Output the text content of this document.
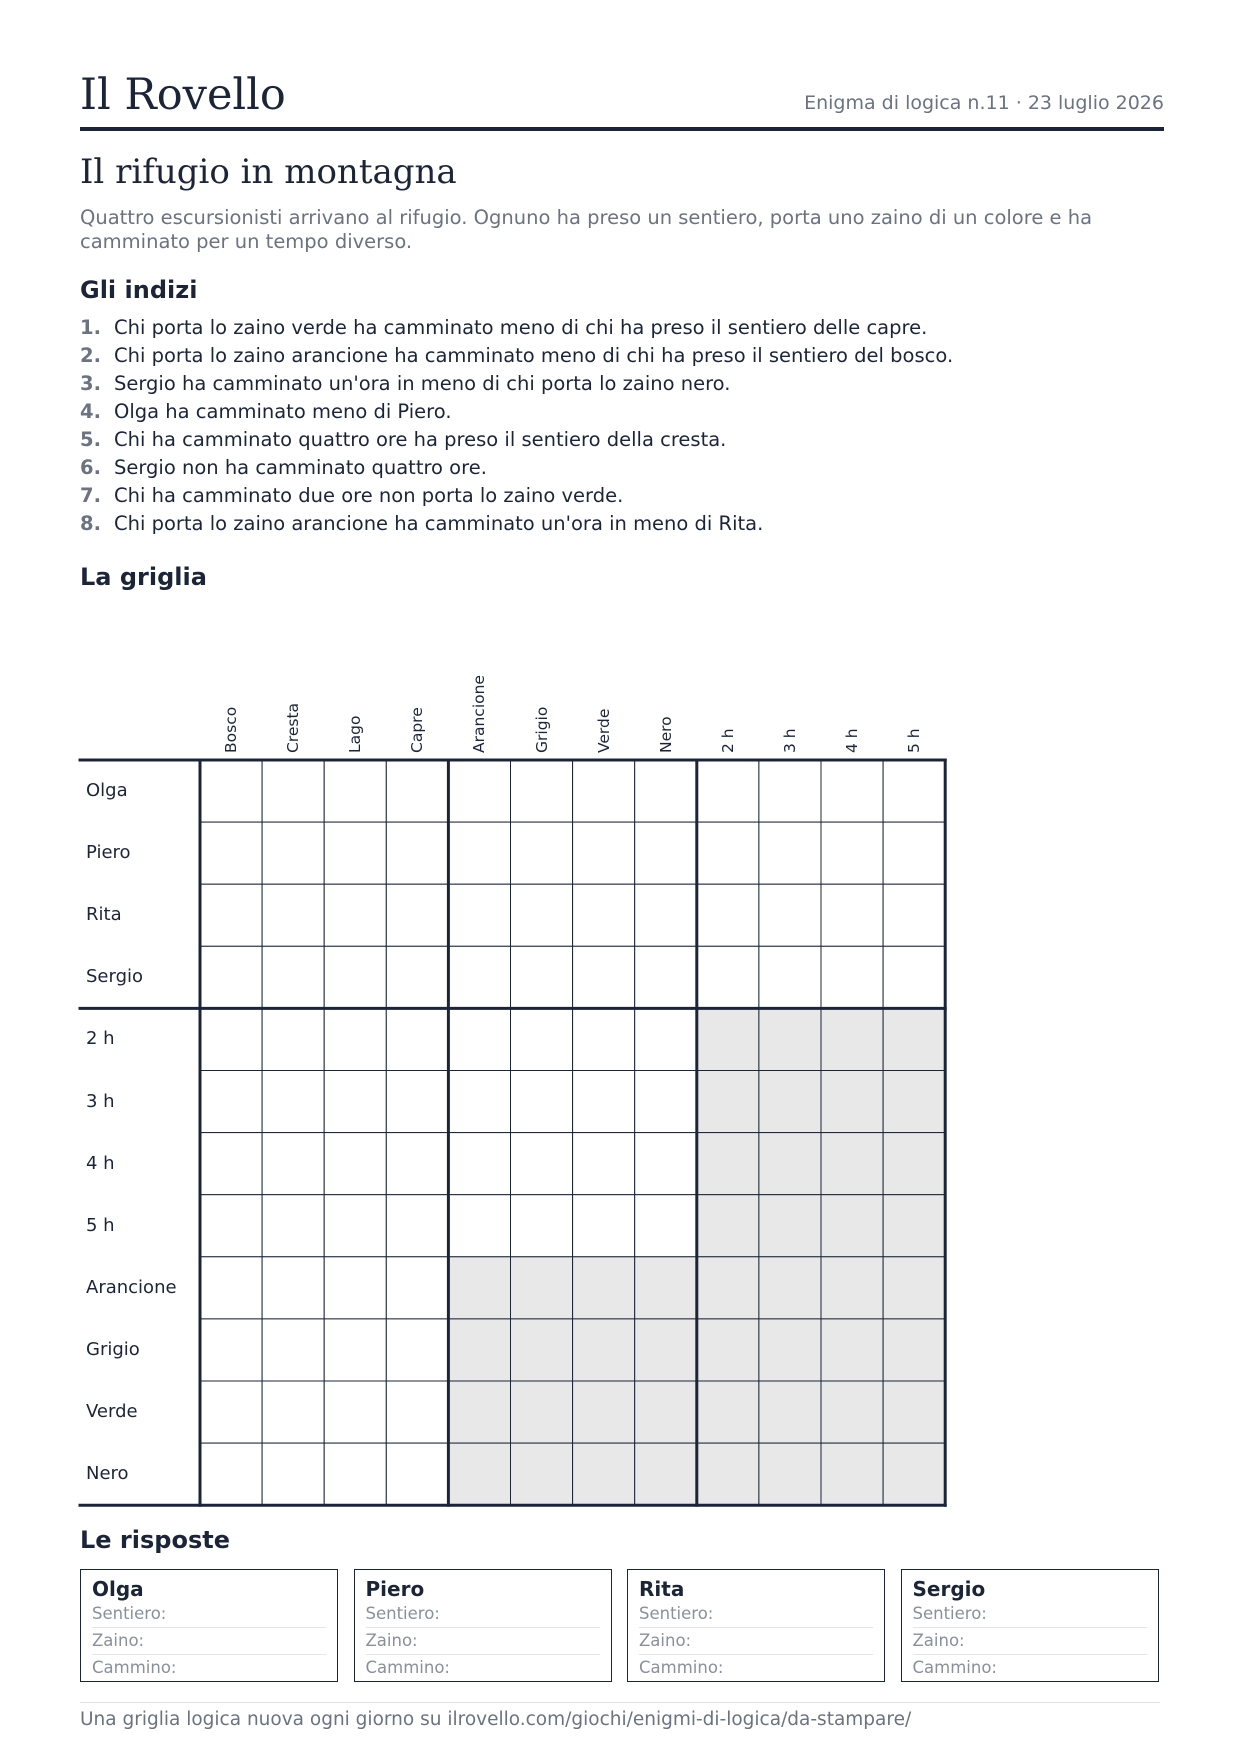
Il Rovello	Enigma di logica n.11 · 23 luglio 2026
Il rifugio in montagna
Quattro escursionisti arrivano al rifugio. Ognuno ha preso un sentiero, porta uno zaino di un colore e ha camminato per un tempo diverso.
Gli indizi
1. Chi porta lo zaino verde ha camminato meno di chi ha preso il sentiero delle capre.
2. Chi porta lo zaino arancione ha camminato meno di chi ha preso il sentiero del bosco.
3. Sergio ha camminato un'ora in meno di chi porta lo zaino nero.
4. Olga ha camminato meno di Piero.
5. Chi ha camminato quattro ore ha preso il sentiero della cresta.
6. Sergio non ha camminato quattro ore.
7. Chi ha camminato due ore non porta lo zaino verde.
8. Chi porta lo zaino arancione ha camminato un'ora in meno di Rita.
La griglia
Bosco	Cresta	Lago	Capre	Arancione	Grigio	Verde	Nero	2 h	3 h	4 h	5 h
Olga
Piero
Rita
Sergio
2 h
3 h
4 h
5 h
Arancione
Grigio
Verde
Nero
Le risposte
Olga
Sentiero:
Zaino:
Cammino:
Piero
Sentiero:
Zaino:
Cammino:
Rita
Sentiero:
Zaino:
Cammino:
Sergio
Sentiero:
Zaino:
Cammino:
Una griglia logica nuova ogni giorno su ilrovello.com/giochi/enigmi-di-logica/da-stampare/
